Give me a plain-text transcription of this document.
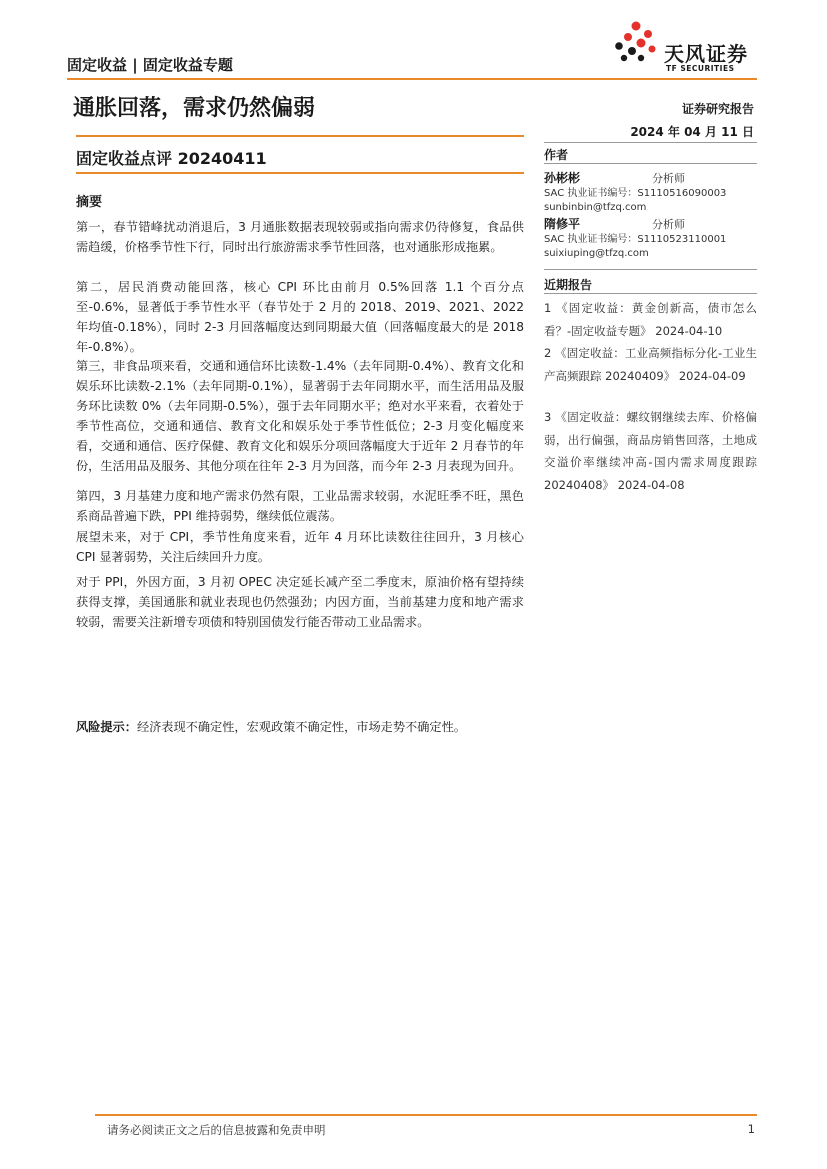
固定收益 | 固定收益专题	天风证券
TF SECURITIES
通胀回落，需求仍然偏弱	证券研究报告
2024 年 04 月 11 日
固定收益点评 20240411
摘要

第一，春节错峰扰动消退后，3 月通胀数据表现较弱或指向需求仍待修复，食品供需趋缓，价格季节性下行，同时出行旅游需求季节性回落，也对通胀形成拖累。

第二，居民消费动能回落，核心 CPI 环比由前月 0.5%回落 1.1 个百分点至-0.6%，显著低于季节性水平（春节处于 2 月的 2018、2019、2021、2022 年均值-0.18%），同时 2-3 月回落幅度达到同期最大值（回落幅度最大的是 2018 年-0.8%）。

第三，非食品项来看，交通和通信环比读数-1.4%（去年同期-0.4%）、教育文化和娱乐环比读数-2.1%（去年同期-0.1%），显著弱于去年同期水平，而生活用品及服务环比读数 0%（去年同期-0.5%），强于去年同期水平；绝对水平来看，衣着处于季节性高位，交通和通信、教育文化和娱乐处于季节性低位；2-3 月变化幅度来看，交通和通信、医疗保健、教育文化和娱乐分项回落幅度大于近年 2 月春节的年份，生活用品及服务、其他分项在往年 2-3 月为回落，而今年 2-3 月表现为回升。

第四，3 月基建力度和地产需求仍然有限，工业品需求较弱，水泥旺季不旺，黑色系商品普遍下跌，PPI 维持弱势，继续低位震荡。

展望未来，对于 CPI，季节性角度来看，近年 4 月环比读数往往回升，3 月核心 CPI 显著弱势，关注后续回升力度。

对于 PPI，外因方面，3 月初 OPEC 决定延长减产至二季度末，原油价格有望持续获得支撑，美国通胀和就业表现也仍然强劲；内因方面，当前基建力度和地产需求较弱，需要关注新增专项债和特别国债发行能否带动工业品需求。

风险提示：经济表现不确定性，宏观政策不确定性，市场走势不确定性。
作者
孙彬彬	分析师
SAC 执业证书编号：S1110516090003
sunbinbin@tfzq.com
隋修平	分析师
SAC 执业证书编号：S1110523110001
suixiuping@tfzq.com
近期报告

1 《固定收益：黄金创新高，债市怎么看？-固定收益专题》 2024-04-10

2 《固定收益：工业高频指标分化-工业生产高频跟踪 20240409》 2024-04-09

3 《固定收益：螺纹钢继续去库、价格偏弱，出行偏强，商品房销售回落，土地成交溢价率继续冲高-国内需求周度跟踪 20240408》 2024-04-08

请务必阅读正文之后的信息披露和免责申明	1
